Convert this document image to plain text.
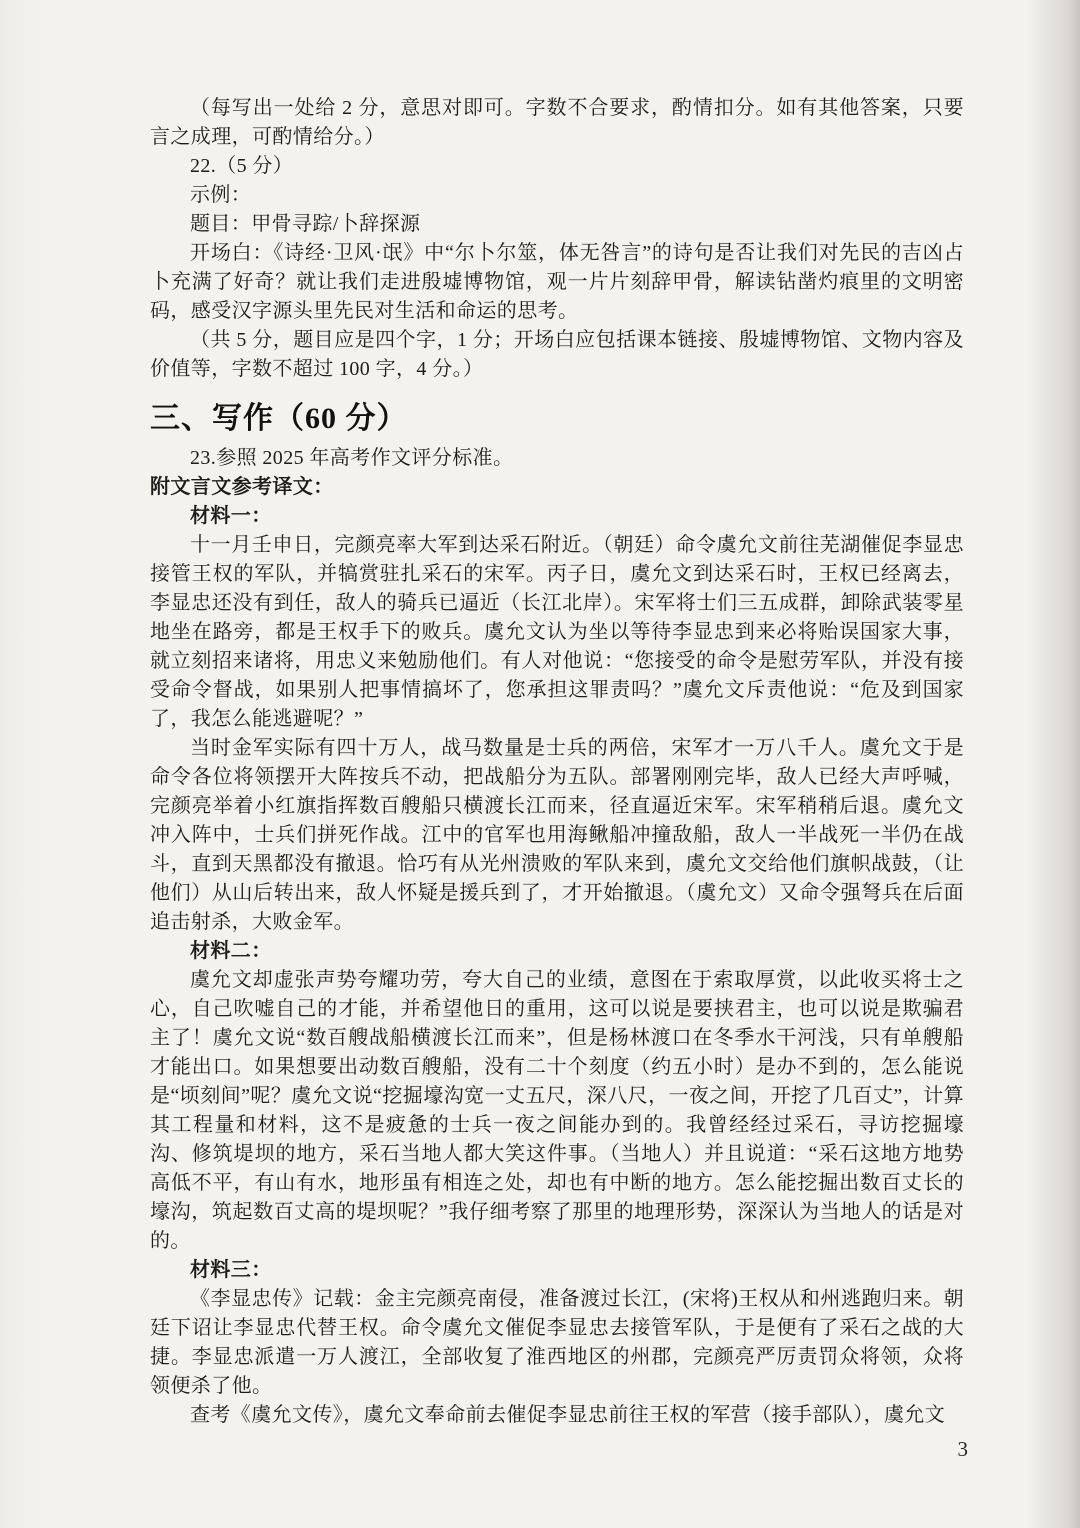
（每写出一处给 2 分，意思对即可。字数不合要求，酌情扣分。如有其他答案，只要言之成理，可酌情给分。）

22.（5 分）

示例：

题目：甲骨寻踪/卜辞探源

开场白：《诗经·卫风·氓》中“尔卜尔筮，体无咎言”的诗句是否让我们对先民的吉凶占卜充满了好奇？就让我们走进殷墟博物馆，观一片片刻辞甲骨，解读钻凿灼痕里的文明密码，感受汉字源头里先民对生活和命运的思考。

（共 5 分，题目应是四个字，1 分；开场白应包括课本链接、殷墟博物馆、文物内容及价值等，字数不超过 100 字，4 分。）

三、写作（60 分）

23.参照 2025 年高考作文评分标准。

附文言文参考译文：

材料一：

十一月壬申日，完颜亮率大军到达采石附近。（朝廷）命令虞允文前往芜湖催促李显忠接管王权的军队，并犒赏驻扎采石的宋军。丙子日，虞允文到达采石时，王权已经离去，李显忠还没有到任，敌人的骑兵已逼近（长江北岸）。宋军将士们三五成群，卸除武装零星地坐在路旁，都是王权手下的败兵。虞允文认为坐以等待李显忠到来必将贻误国家大事，就立刻招来诸将，用忠义来勉励他们。有人对他说：“您接受的命令是慰劳军队，并没有接受命令督战，如果别人把事情搞坏了，您承担这罪责吗？”虞允文斥责他说：“危及到国家了，我怎么能逃避呢？”

当时金军实际有四十万人，战马数量是士兵的两倍，宋军才一万八千人。虞允文于是命令各位将领摆开大阵按兵不动，把战船分为五队。部署刚刚完毕，敌人已经大声呼喊，完颜亮举着小红旗指挥数百艘船只横渡长江而来，径直逼近宋军。宋军稍稍后退。虞允文冲入阵中，士兵们拼死作战。江中的官军也用海鳅船冲撞敌船，敌人一半战死一半仍在战斗，直到天黑都没有撤退。恰巧有从光州溃败的军队来到，虞允文交给他们旗帜战鼓，（让他们）从山后转出来，敌人怀疑是援兵到了，才开始撤退。（虞允文）又命令强弩兵在后面追击射杀，大败金军。

材料二：

虞允文却虚张声势夸耀功劳，夸大自己的业绩，意图在于索取厚赏，以此收买将士之心，自己吹嘘自己的才能，并希望他日的重用，这可以说是要挟君主，也可以说是欺骗君主了！虞允文说“数百艘战船横渡长江而来”，但是杨林渡口在冬季水干河浅，只有单艘船才能出口。如果想要出动数百艘船，没有二十个刻度（约五小时）是办不到的，怎么能说是“顷刻间”呢？虞允文说“挖掘壕沟宽一丈五尺，深八尺，一夜之间，开挖了几百丈”，计算其工程量和材料，这不是疲惫的士兵一夜之间能办到的。我曾经经过采石，寻访挖掘壕沟、修筑堤坝的地方，采石当地人都大笑这件事。（当地人）并且说道：“采石这地方地势高低不平，有山有水，地形虽有相连之处，却也有中断的地方。怎么能挖掘出数百丈长的壕沟，筑起数百丈高的堤坝呢？”我仔细考察了那里的地理形势，深深认为当地人的话是对的。

材料三：

《李显忠传》记载：金主完颜亮南侵，准备渡过长江，(宋将)王权从和州逃跑归来。朝廷下诏让李显忠代替王权。命令虞允文催促李显忠去接管军队，于是便有了采石之战的大捷。李显忠派遣一万人渡江，全部收复了淮西地区的州郡，完颜亮严厉责罚众将领，众将领便杀了他。

查考《虞允文传》，虞允文奉命前去催促李显忠前往王权的军营（接手部队），虞允文

3
